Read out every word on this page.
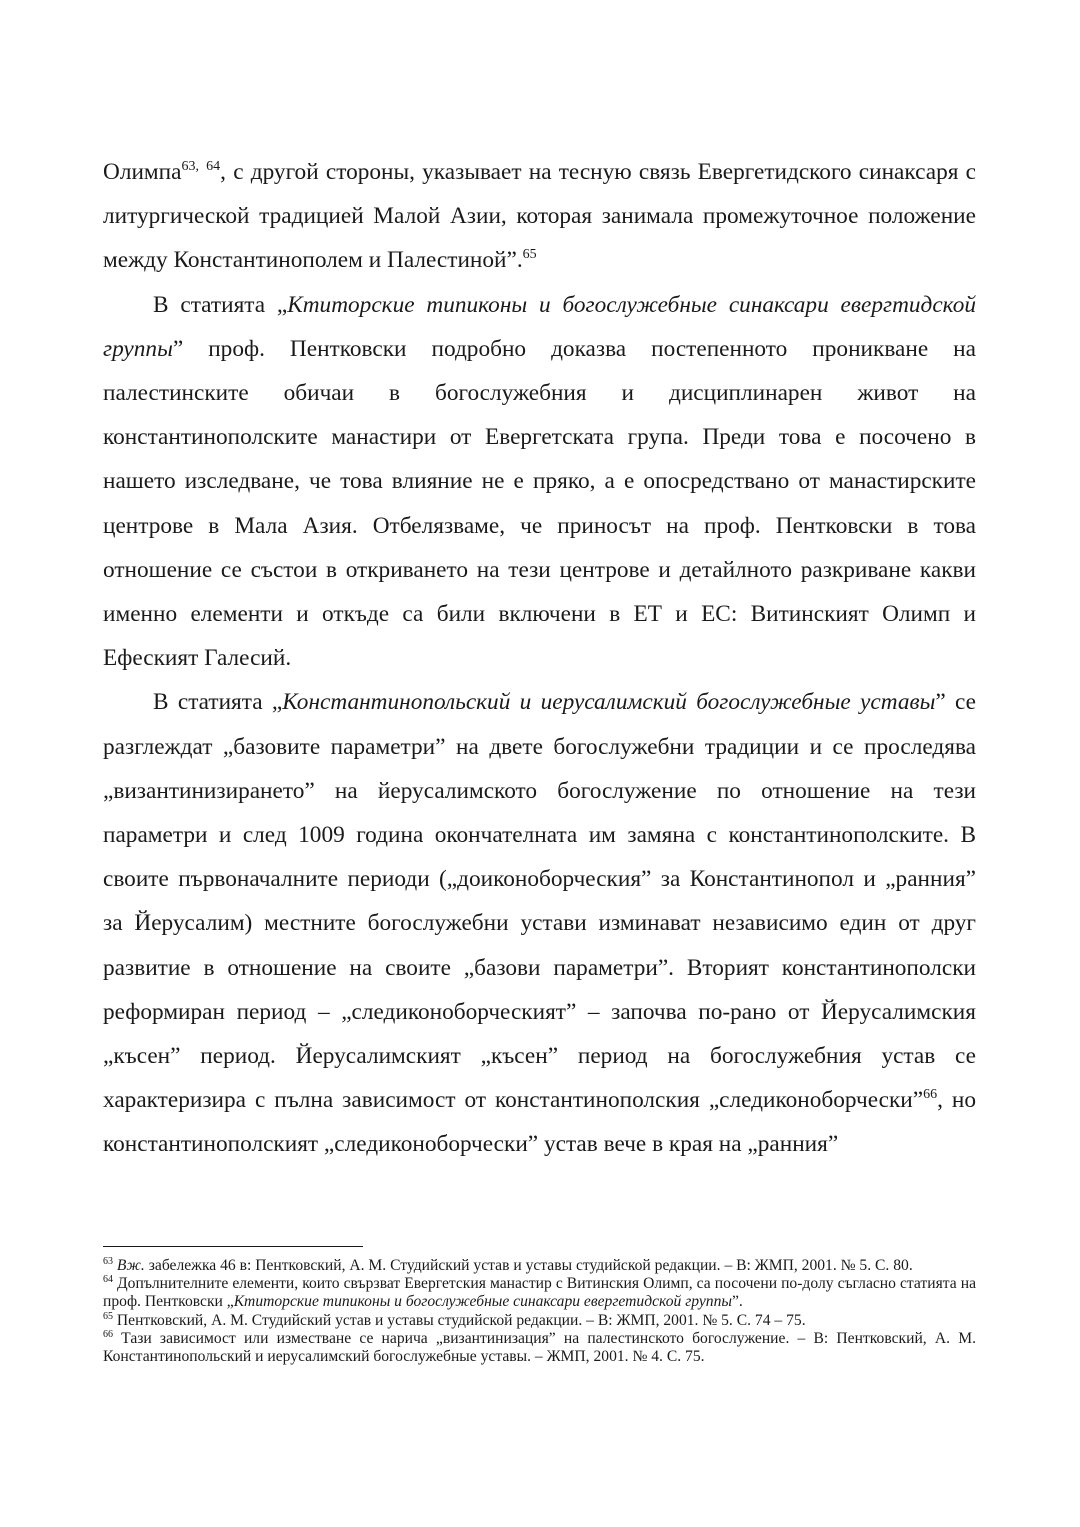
Олимпа$^{63,}$ $^{64}$, с другой стороны, указывает на тесную связь Евергетидского синаксаря с литургической традицией Малой Азии, которая занимала промежуточное положение между Константинополем и Палестиной”.$^{65}$

В статията „Ктиторские типиконы и богослужебные синаксари евергтидской группы” проф. Пентковски подробно доказва постепенното проникване на палестинските обичаи в богослужебния и дисциплинарен живот на константинополските манастири от Евергетската група. Преди това е посочено в нашето изследване, че това влияние не е пряко, а е опосредствано от манастирските центрове в Мала Азия. Отбелязваме, че приносът на проф. Пентковски в това отношение се състои в откриването на тези центрове и детайлното разкриване какви именно елементи и откъде са били включени в ЕТ и ЕС: Витинският Олимп и Ефеският Галесий.

В статията „Константинопольский и иерусалимский богослужебные уставы” се разглеждат „базовите параметри” на двете богослужебни традиции и се проследява „византинизирането” на йерусалимското богослужение по отношение на тези параметри и след 1009 година окончателната им замяна с константинополските. В своите първоначалните периоди („доиконоборческия” за Константинопол и „ранния” за Йерусалим) местните богослужебни устави изминават независимо един от друг развитие в отношение на своите „базови параметри”. Вторият константинополски реформиран период – „следиконоборческият” – започва по-рано от Йерусалимския „късен” период. Йерусалимският „късен” период на богослужебния устав се характеризира с пълна зависимост от константинополския „следиконоборчески”$^{66}$, но константинополският „следиконоборчески” устав вече в края на „ранния”

$^{63}$ Вж. забележка 46 в: Пентковский, А. М. Студийский устав и уставы студийской редакции. – В: ЖМП, 2001. № 5. С. 80.

$^{64}$ Допълнителните елементи, които свързват Евергетския манастир с Витинския Олимп, са посочени по-долу съгласно статията на проф. Пентковски „Ктиторские типиконы и богослужебные синаксари евергетидской группы”.

$^{65}$ Пентковский, А. М. Студийский устав и уставы студийской редакции. – В: ЖМП, 2001. № 5. С. 74 – 75.

$^{66}$ Тази зависимост или изместване се нарича „византинизация” на палестинското богослужение. – В: Пентковский, А. М. Константинопольский и иерусалимский богослужебные уставы. – ЖМП, 2001. № 4. С. 75.
